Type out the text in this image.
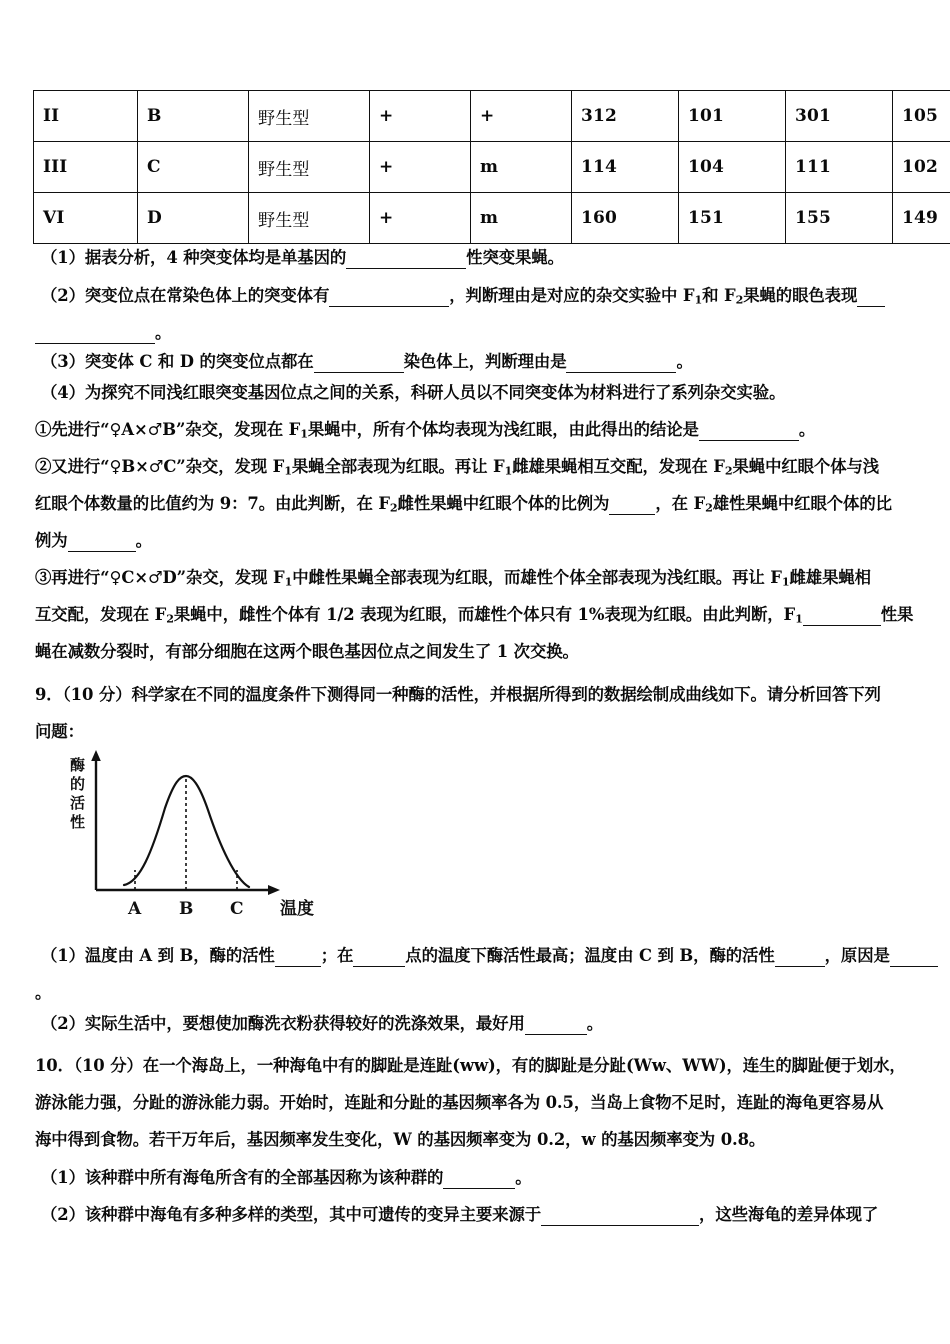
II	B	野生型	+	+	312	101	301	105
III	C	野生型	+	m	114	104	111	102
VI	D	野生型	+	m	160	151	155	149
（1）据表分析，4 种突变体均是单基因的	性突变果蝇。
（2）突变位点在常染色体上的突变体有	，判断理由是对应的杂交实验中 $F_1$和 $F_2$果蝇的眼色表现
。
（3）突变体 C 和 D 的突变位点都在	染色体上，判断理由是	。
（4）为探究不同浅红眼突变基因位点之间的关系，科研人员以不同突变体为材料进行了系列杂交实验。
①先进行“♀A×♂B”杂交，发现在 $F_1$果蝇中，所有个体均表现为浅红眼，由此得出的结论是	。
②又进行“♀B×♂C”杂交，发现 $F_1$果蝇全部表现为红眼。再让 $F_1$雌雄果蝇相互交配，发现在 $F_2$果蝇中红眼个体与浅
红眼个体数量的比值约为 9：7。由此判断，在 $F_2$雌性果蝇中红眼个体的比例为	，在 $F_2$雄性果蝇中红眼个体的比
例为	。
③再进行“♀C×♂D”杂交，发现 $F_1$中雌性果蝇全部表现为红眼，而雄性个体全部表现为浅红眼。再让 $F_1$雌雄果蝇相
互交配，发现在 $F_2$果蝇中，雌性个体有 1/2 表现为红眼，而雄性个体只有 1%表现为红眼。由此判断，$F_1$	性果
蝇在减数分裂时，有部分细胞在这两个眼色基因位点之间发生了 1 次交换。
9．（10 分）科学家在不同的温度条件下测得同一种酶的活性，并根据所得到的数据绘制成曲线如下。请分析回答下列
问题：
酶
的
活
性
A B C 温度
（1）温度由 A 到 B，酶的活性	；在	点的温度下酶活性最高；温度由 C 到 B，酶的活性	，原因是
。
（2）实际生活中，要想使加酶洗衣粉获得较好的洗涤效果，最好用	。
10．（10 分）在一个海岛上，一种海龟中有的脚趾是连趾(ww)，有的脚趾是分趾(Ww、WW)，连生的脚趾便于划水，
游泳能力强，分趾的游泳能力弱。开始时，连趾和分趾的基因频率各为 0.5，当岛上食物不足时，连趾的海龟更容易从
海中得到食物。若干万年后，基因频率发生变化，W 的基因频率变为 0.2，w 的基因频率变为 0.8。
（1）该种群中所有海龟所含有的全部基因称为该种群的	。
（2）该种群中海龟有多种多样的类型，其中可遗传的变异主要来源于	，这些海龟的差异体现了
